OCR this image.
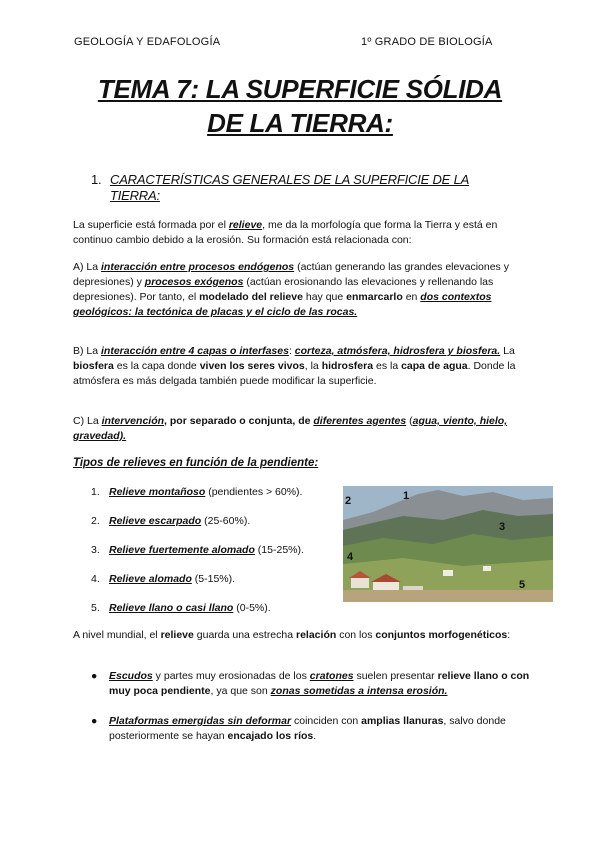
GEOLOGÍA Y EDAFOLOGÍA	1º GRADO DE BIOLOGÍA
TEMA 7: LA SUPERFICIE SÓLIDA
DE LA TIERRA:
1. CARACTERÍSTICAS GENERALES DE LA SUPERFICIE DE LA TIERRA:
La superficie está formada por el relieve, me da la morfología que forma la Tierra y está en continuo cambio debido a la erosión. Su formación está relacionada con:
A) La interacción entre procesos endógenos (actúan generando las grandes elevaciones y depresiones) y procesos exógenos (actúan erosionando las elevaciones y rellenando las depresiones). Por tanto, el modelado del relieve hay que enmarcarlo en dos contextos geológicos: la tectónica de placas y el ciclo de las rocas.
B) La interacción entre 4 capas o interfases: corteza, atmósfera, hidrosfera y biosfera. La biosfera es la capa donde viven los seres vivos, la hidrosfera es la capa de agua. Donde la atmósfera es más delgada también puede modificar la superficie.
C) La intervención, por separado o conjunta, de diferentes agentes (agua, viento, hielo, gravedad).
Tipos de relieves en función de la pendiente:
1. Relieve montañoso (pendientes > 60%).
2. Relieve escarpado (25-60%).
3. Relieve fuertemente alomado (15-25%).
4. Relieve alomado (5-15%).
5. Relieve llano o casi llano (0-5%).
1
2
3
4
5
A nivel mundial, el relieve guarda una estrecha relación con los conjuntos morfogenéticos:
●	Escudos y partes muy erosionadas de los cratones suelen presentar relieve llano o con muy poca pendiente, ya que son zonas sometidas a intensa erosión.
●	Plataformas emergidas sin deformar coinciden con amplias llanuras, salvo donde posteriormente se hayan encajado los ríos.
